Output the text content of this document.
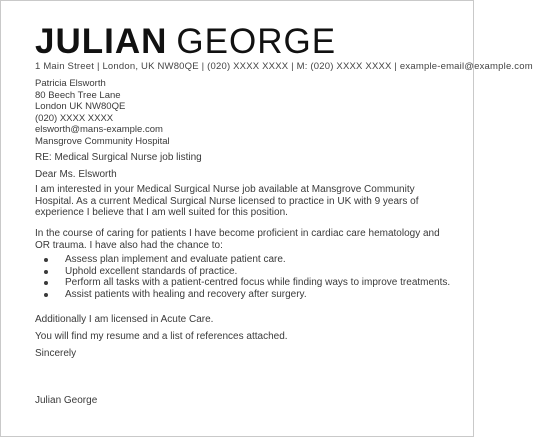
JULIAN GEORGE
1 Main Street | London, UK NW80QE | (020) XXXX XXXX | M: (020) XXXX XXXX | example-email@example.com
Patricia Elsworth
80 Beech Tree Lane
London UK NW80QE
(020) XXXX XXXX
elsworth@mans-example.com
Mansgrove Community Hospital
RE: Medical Surgical Nurse job listing
Dear Ms. Elsworth
I am interested in your Medical Surgical Nurse job available at Mansgrove Community Hospital. As a current Medical Surgical Nurse licensed to practice in UK with 9 years of experience I believe that I am well suited for this position.
In the course of caring for patients I have become proficient in cardiac care hematology and OR trauma. I have also had the chance to:
Assess plan implement and evaluate patient care.
Uphold excellent standards of practice.
Perform all tasks with a patient-centred focus while finding ways to improve treatments.
Assist patients with healing and recovery after surgery.
Additionally I am licensed in Acute Care.
You will find my resume and a list of references attached.
Sincerely
Julian George
